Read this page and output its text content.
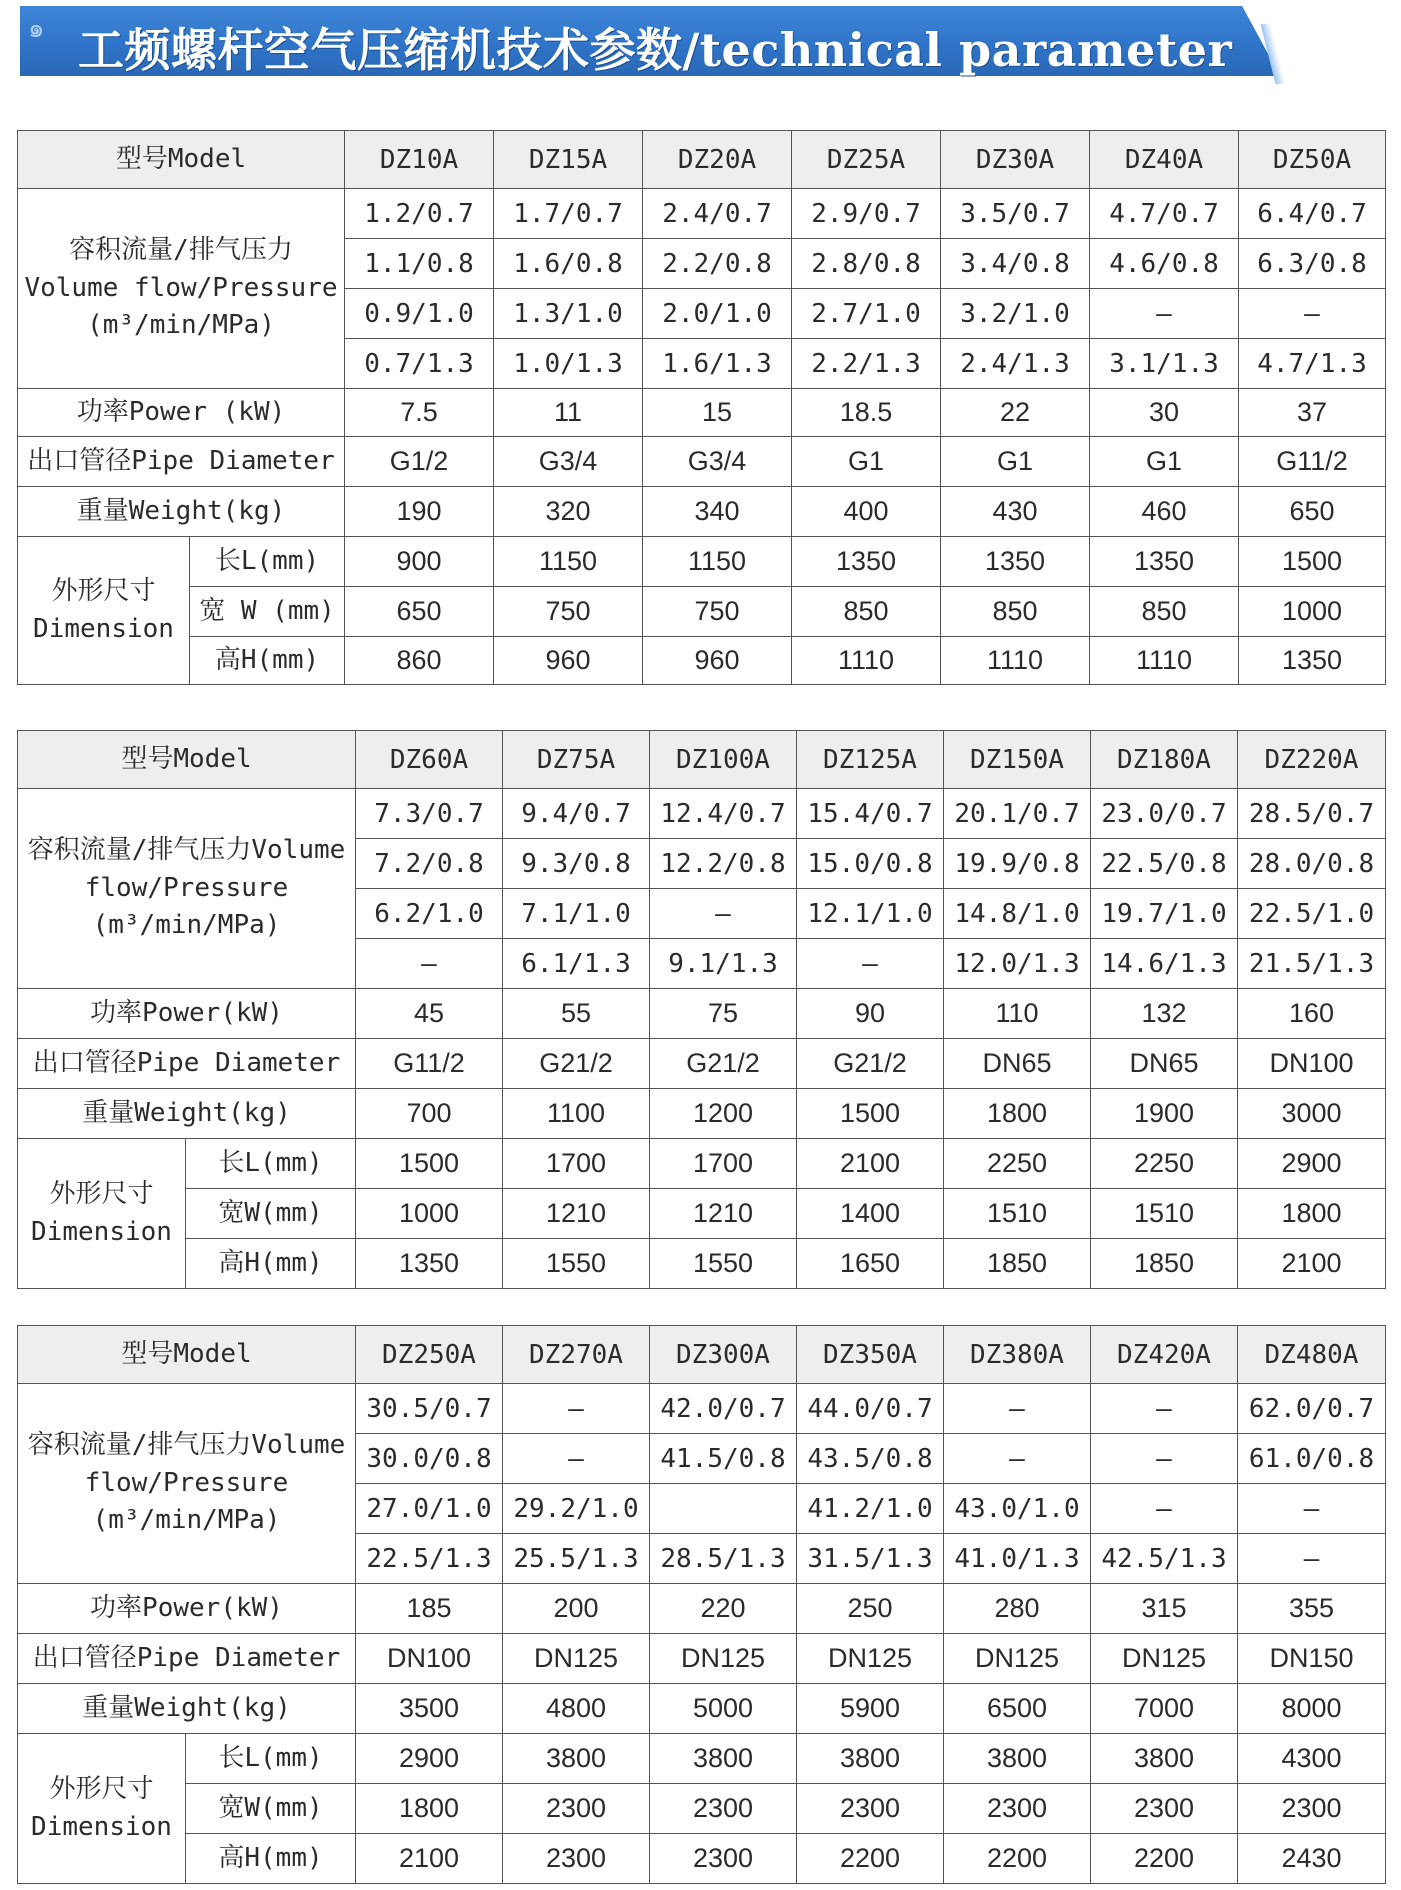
๑ 工频螺杆空气压缩机技术参数/technical parameter
型号Model		DZ10A	DZ15A	DZ20A	DZ25A	DZ30A	DZ40A	DZ50A
容积流量/排气压力 Volume flow/Pressure (m³/min/MPa)		1.2/0.7	1.7/0.7	2.4/0.7	2.9/0.7	3.5/0.7	4.7/0.7	6.4/0.7
		1.1/0.8	1.6/0.8	2.2/0.8	2.8/0.8	3.4/0.8	4.6/0.8	6.3/0.8
		0.9/1.0	1.3/1.0	2.0/1.0	2.7/1.0	3.2/1.0	—	—
		0.7/1.3	1.0/1.3	1.6/1.3	2.2/1.3	2.4/1.3	3.1/1.3	4.7/1.3
功率Power (kW)		7.5	11	15	18.5	22	30	37
出口管径Pipe Diameter		G1/2	G3/4	G3/4	G1	G1	G1	G11/2
重量Weight(kg)		190	320	340	400	430	460	650
外形尺寸 Dimension	长L(mm)	900	1150	1150	1350	1350	1350	1500
	宽 W (mm)	650	750	750	850	850	850	1000
	高H(mm)	860	960	960	1110	1110	1110	1350
型号Model		DZ60A	DZ75A	DZ100A	DZ125A	DZ150A	DZ180A	DZ220A
容积流量/排气压力Volume flow/Pressure (m³/min/MPa)		7.3/0.7	9.4/0.7	12.4/0.7	15.4/0.7	20.1/0.7	23.0/0.7	28.5/0.7
		7.2/0.8	9.3/0.8	12.2/0.8	15.0/0.8	19.9/0.8	22.5/0.8	28.0/0.8
		6.2/1.0	7.1/1.0	—	12.1/1.0	14.8/1.0	19.7/1.0	22.5/1.0
		—	6.1/1.3	9.1/1.3	—	12.0/1.3	14.6/1.3	21.5/1.3
功率Power(kW)		45	55	75	90	110	132	160
出口管径Pipe Diameter		G11/2	G21/2	G21/2	G21/2	DN65	DN65	DN100
重量Weight(kg)		700	1100	1200	1500	1800	1900	3000
外形尺寸 Dimension	长L(mm)	1500	1700	1700	2100	2250	2250	2900
	宽W(mm)	1000	1210	1210	1400	1510	1510	1800
	高H(mm)	1350	1550	1550	1650	1850	1850	2100
型号Model		DZ250A	DZ270A	DZ300A	DZ350A	DZ380A	DZ420A	DZ480A
容积流量/排气压力Volume flow/Pressure (m³/min/MPa)		30.5/0.7	—	42.0/0.7	44.0/0.7	—	—	62.0/0.7
		30.0/0.8	—	41.5/0.8	43.5/0.8	—	—	61.0/0.8
		27.0/1.0	29.2/1.0		41.2/1.0	43.0/1.0	—	—
		22.5/1.3	25.5/1.3	28.5/1.3	31.5/1.3	41.0/1.3	42.5/1.3	—
功率Power(kW)		185	200	220	250	280	315	355
出口管径Pipe Diameter		DN100	DN125	DN125	DN125	DN125	DN125	DN150
重量Weight(kg)		3500	4800	5000	5900	6500	7000	8000
外形尺寸 Dimension	长L(mm)	2900	3800	3800	3800	3800	3800	4300
	宽W(mm)	1800	2300	2300	2300	2300	2300	2300
	高H(mm)	2100	2300	2300	2200	2200	2200	2430
